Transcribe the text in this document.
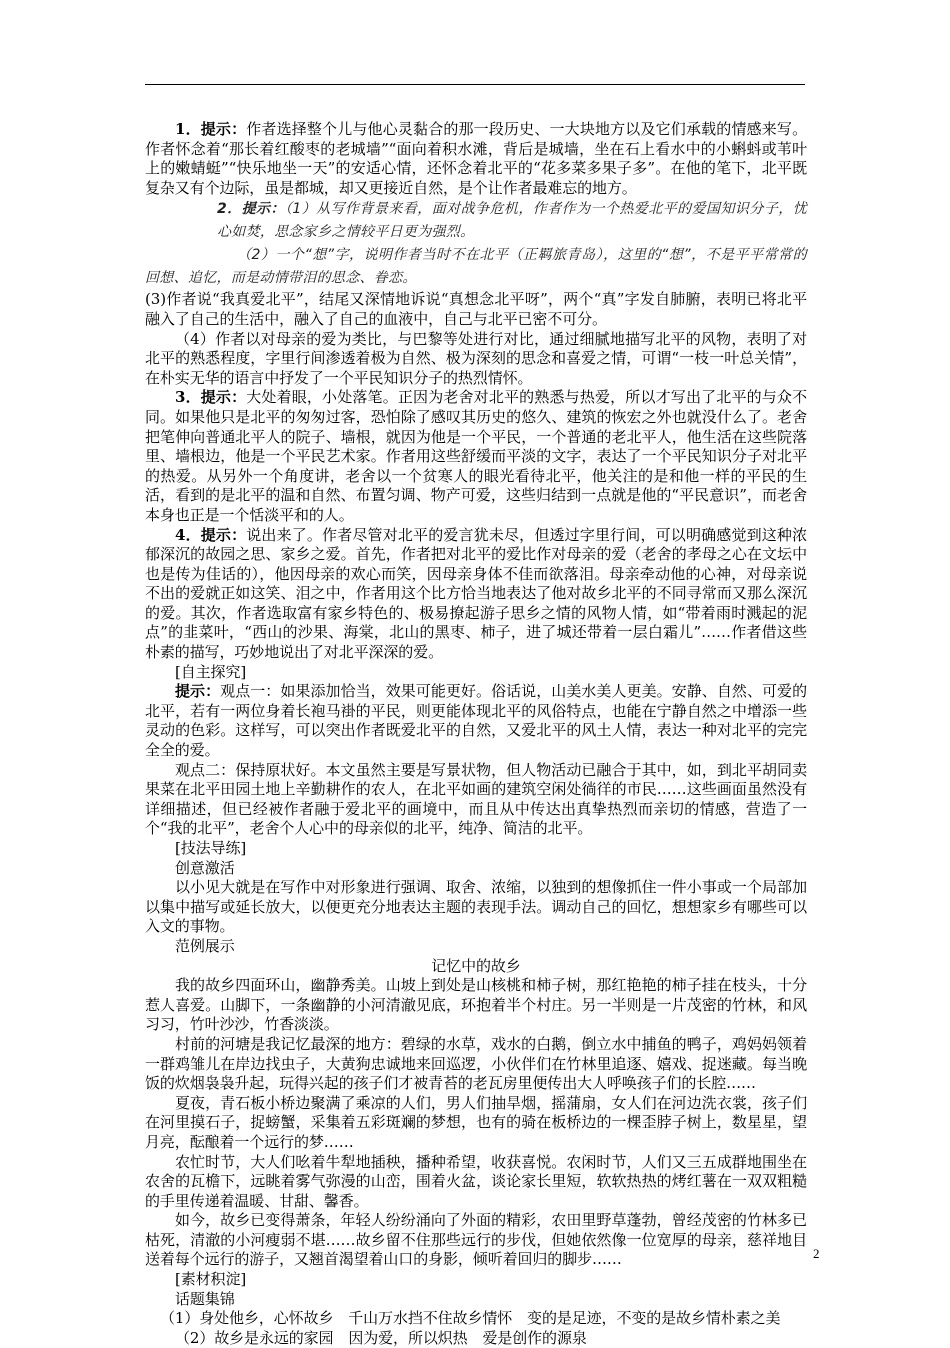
1．提示：作者选择整个儿与他心灵黏合的那一段历史、一大块地方以及它们承载的情感来写。作者怀念着“那长着红酸枣的老城墙”“面向着积水滩，背后是城墙，坐在石上看水中的小蝌蚪或苇叶上的嫩蜻蜓”“快乐地坐一天”的安适心情，还怀念着北平的“花多菜多果子多”。在他的笔下，北平既复杂又有个边际，虽是都城，却又更接近自然，是个让作者最难忘的地方。

2．提示：（1）从写作背景来看，面对战争危机，作者作为一个热爱北平的爱国知识分子，忧心如焚，思念家乡之情较平日更为强烈。

（2）一个“想”字，说明作者当时不在北平（正羁旅青岛），这里的“想”，不是平平常常的回想、追忆，而是动情带泪的思念、眷恋。

(3)作者说“我真爱北平”，结尾又深情地诉说“真想念北平呀”，两个“真”字发自肺腑，表明已将北平融入了自己的生活中，融入了自己的血液中，自己与北平已密不可分。

（4）作者以对母亲的爱为类比，与巴黎等处进行对比，通过细腻地描写北平的风物，表明了对北平的熟悉程度，字里行间渗透着极为自然、极为深刻的思念和喜爱之情，可谓“一枝一叶总关情”，在朴实无华的语言中抒发了一个平民知识分子的热烈情怀。

3．提示：大处着眼，小处落笔。正因为老舍对北平的熟悉与热爱，所以才写出了北平的与众不同。如果他只是北平的匆匆过客，恐怕除了感叹其历史的悠久、建筑的恢宏之外也就没什么了。老舍把笔伸向普通北平人的院子、墙根，就因为他是一个平民，一个普通的老北平人，他生活在这些院落里、墙根边，他是一个平民艺术家。作者用这些舒缓而平淡的文字，表达了一个平民知识分子对北平的热爱。从另外一个角度讲，老舍以一个贫寒人的眼光看待北平，他关注的是和他一样的平民的生活，看到的是北平的温和自然、布置匀调、物产可爱，这些归结到一点就是他的“平民意识”，而老舍本身也正是一个恬淡平和的人。

4．提示：说出来了。作者尽管对北平的爱言犹未尽，但透过字里行间，可以明确感觉到这种浓郁深沉的故园之思、家乡之爱。首先，作者把对北平的爱比作对母亲的爱（老舍的孝母之心在文坛中也是传为佳话的），他因母亲的欢心而笑，因母亲身体不佳而欲落泪。母亲牵动他的心神，对母亲说不出的爱就正如这笑、泪之中，作者用这个比方恰当地表达了他对故乡北平的不同寻常而又那么深沉的爱。其次，作者选取富有家乡特色的、极易撩起游子思乡之情的风物人情，如“带着雨时溅起的泥点”的韭菜叶，“西山的沙果、海棠，北山的黑枣、柿子，进了城还带着一层白霜儿”……作者借这些朴素的描写，巧妙地说出了对北平深深的爱。

[自主探究]

提示：观点一：如果添加恰当，效果可能更好。俗话说，山美水美人更美。安静、自然、可爱的北平，若有一两位身着长袍马褂的平民，则更能体现北平的风俗特点，也能在宁静自然之中增添一些灵动的色彩。这样写，可以突出作者既爱北平的自然，又爱北平的风土人情，表达一种对北平的完完全全的爱。

观点二：保持原状好。本文虽然主要是写景状物，但人物活动已融合于其中，如，到北平胡同卖果菜在北平田园土地上辛勤耕作的农人，在北平如画的建筑空闲处徜徉的市民……这些画面虽然没有详细描述，但已经被作者融于爱北平的画境中，而且从中传达出真挚热烈而亲切的情感，营造了一个“我的北平”，老舍个人心中的母亲似的北平，纯净、简洁的北平。

[技法导练]

创意激活

以小见大就是在写作中对形象进行强调、取舍、浓缩，以独到的想像抓住一件小事或一个局部加以集中描写或延长放大，以便更充分地表达主题的表现手法。调动自己的回忆，想想家乡有哪些可以入文的事物。

范例展示

记忆中的故乡

我的故乡四面环山，幽静秀美。山坡上到处是山核桃和柿子树，那红艳艳的柿子挂在枝头，十分惹人喜爱。山脚下，一条幽静的小河清澈见底，环抱着半个村庄。另一半则是一片茂密的竹林，和风习习，竹叶沙沙，竹香淡淡。

村前的河塘是我记忆最深的地方：碧绿的水草，戏水的白鹅，倒立水中捕鱼的鸭子，鸡妈妈领着一群鸡雏儿在岸边找虫子，大黄狗忠诚地来回巡逻，小伙伴们在竹林里追逐、嬉戏、捉迷藏。每当晚饭的炊烟袅袅升起，玩得兴起的孩子们才被青苔的老瓦房里便传出大人呼唤孩子们的长腔……

夏夜，青石板小桥边聚满了乘凉的人们，男人们抽旱烟，摇蒲扇，女人们在河边洗衣裳，孩子们在河里摸石子，捉螃蟹，采集着五彩斑斓的梦想，也有的骑在板桥边的一棵歪脖子树上，数星星，望月亮，酝酿着一个远行的梦……

农忙时节，大人们吆着牛犁地插秧，播种希望，收获喜悦。农闲时节，人们又三五成群地围坐在农舍的瓦檐下，远眺着雾气弥漫的山峦，围着火盆，谈论家长里短，软软热热的烤红薯在一双双粗糙的手里传递着温暖、甘甜、馨香。

如今，故乡已变得萧条，年轻人纷纷涌向了外面的精彩，农田里野草蓬勃，曾经茂密的竹林多已枯死，清澈的小河瘦弱不堪……故乡留不住那些远行的步伐，但她依然像一位宽厚的母亲，慈祥地目送着每个远行的游子，又翘首渴望着山口的身影，倾听着回归的脚步……

[素材积淀]

话题集锦

（1）身处他乡，心怀故乡　千山万水挡不住故乡情怀　变的是足迹，不变的是故乡情朴素之美

（2）故乡是永远的家园　因为爱，所以炽热　爱是创作的源泉

2
